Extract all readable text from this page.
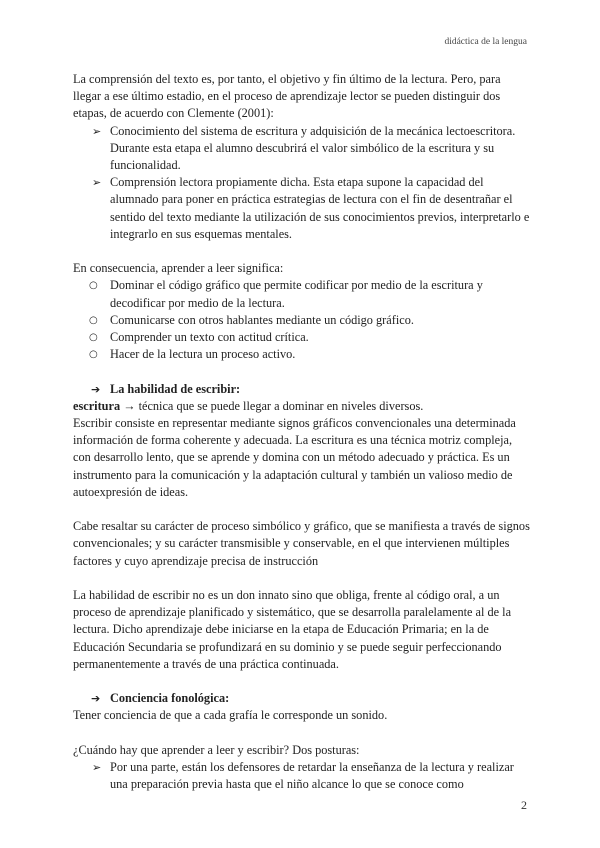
didáctica de la lengua

La comprensión del texto es, por tanto, el objetivo y fin último de la lectura. Pero, para llegar a ese último estadio, en el proceso de aprendizaje lector se pueden distinguir dos etapas, de acuerdo con Clemente (2001):

➢ Conocimiento del sistema de escritura y adquisición de la mecánica lectoescritora. Durante esta etapa el alumno descubrirá el valor simbólico de la escritura y su funcionalidad.
➢ Comprensión lectora propiamente dicha. Esta etapa supone la capacidad del alumnado para poner en práctica estrategias de lectura con el fin de desentrañar el sentido del texto mediante la utilización de sus conocimientos previos, interpretarlo e integrarlo en sus esquemas mentales.

En consecuencia, aprender a leer significa:

○ Dominar el código gráfico que permite codificar por medio de la escritura y decodificar por medio de la lectura.
○ Comunicarse con otros hablantes mediante un código gráfico.
○ Comprender un texto con actitud crítica.
○ Hacer de la lectura un proceso activo.
➔ La habilidad de escribir:

escritura → técnica que se puede llegar a dominar en niveles diversos.

Escribir consiste en representar mediante signos gráficos convencionales una determinada información de forma coherente y adecuada. La escritura es una técnica motriz compleja, con desarrollo lento, que se aprende y domina con un método adecuado y práctica. Es un instrumento para la comunicación y la adaptación cultural y también un valioso medio de autoexpresión de ideas.

Cabe resaltar su carácter de proceso simbólico y gráfico, que se manifiesta a través de signos convencionales; y su carácter transmisible y conservable, en el que intervienen múltiples factores y cuyo aprendizaje precisa de instrucción

La habilidad de escribir no es un don innato sino que obliga, frente al código oral, a un proceso de aprendizaje planificado y sistemático, que se desarrolla paralelamente al de la lectura. Dicho aprendizaje debe iniciarse en la etapa de Educación Primaria; en la de Educación Secundaria se profundizará en su dominio y se puede seguir perfeccionando permanentemente a través de una práctica continuada.

➔ Conciencia fonológica:

Tener conciencia de que a cada grafía le corresponde un sonido.

¿Cuándo hay que aprender a leer y escribir? Dos posturas:

➢ Por una parte, están los defensores de retardar la enseñanza de la lectura y realizar una preparación previa hasta que el niño alcance lo que se conoce como
2
